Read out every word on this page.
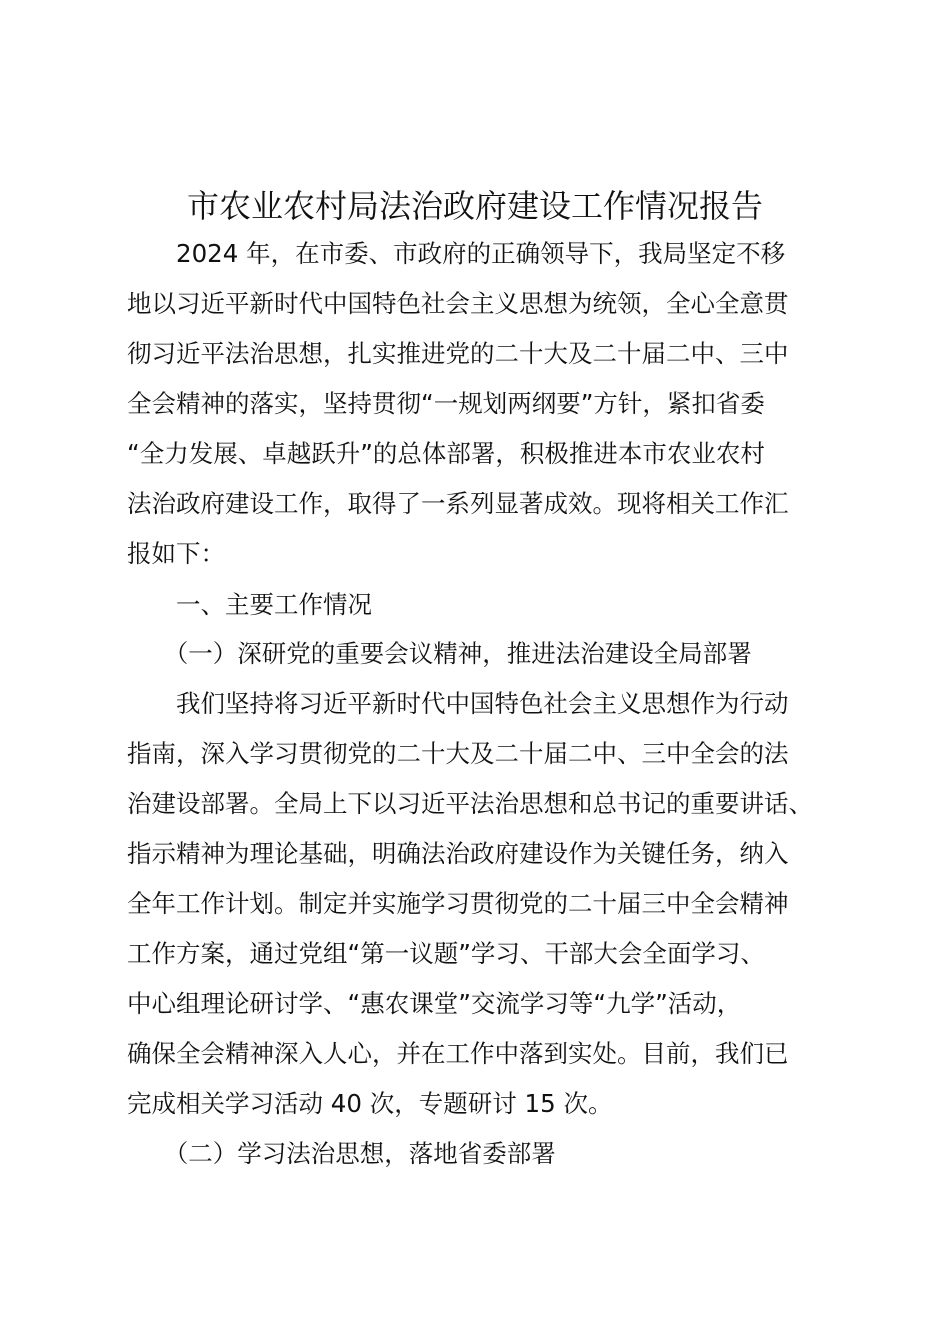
市农业农村局法治政府建设工作情况报告

　　2024 年，在市委、市政府的正确领导下，我局坚定不移

地以习近平新时代中国特色社会主义思想为统领，全心全意贯

彻习近平法治思想，扎实推进党的二十大及二十届二中、三中

全会精神的落实，坚持贯彻“一规划两纲要”方针，紧扣省委

“全力发展、卓越跃升”的总体部署，积极推进本市农业农村

法治政府建设工作，取得了一系列显著成效。现将相关工作汇

报如下：

　　一、主要工作情况

　　（一）深研党的重要会议精神，推进法治建设全局部署

　　我们坚持将习近平新时代中国特色社会主义思想作为行动

指南，深入学习贯彻党的二十大及二十届二中、三中全会的法

治建设部署。全局上下以习近平法治思想和总书记的重要讲话、

指示精神为理论基础，明确法治政府建设作为关键任务，纳入

全年工作计划。制定并实施学习贯彻党的二十届三中全会精神

工作方案，通过党组“第一议题”学习、干部大会全面学习、

中心组理论研讨学、“惠农课堂”交流学习等“九学”活动，

确保全会精神深入人心，并在工作中落到实处。目前，我们已

完成相关学习活动 40 次，专题研讨 15 次。

　　（二）学习法治思想，落地省委部署
